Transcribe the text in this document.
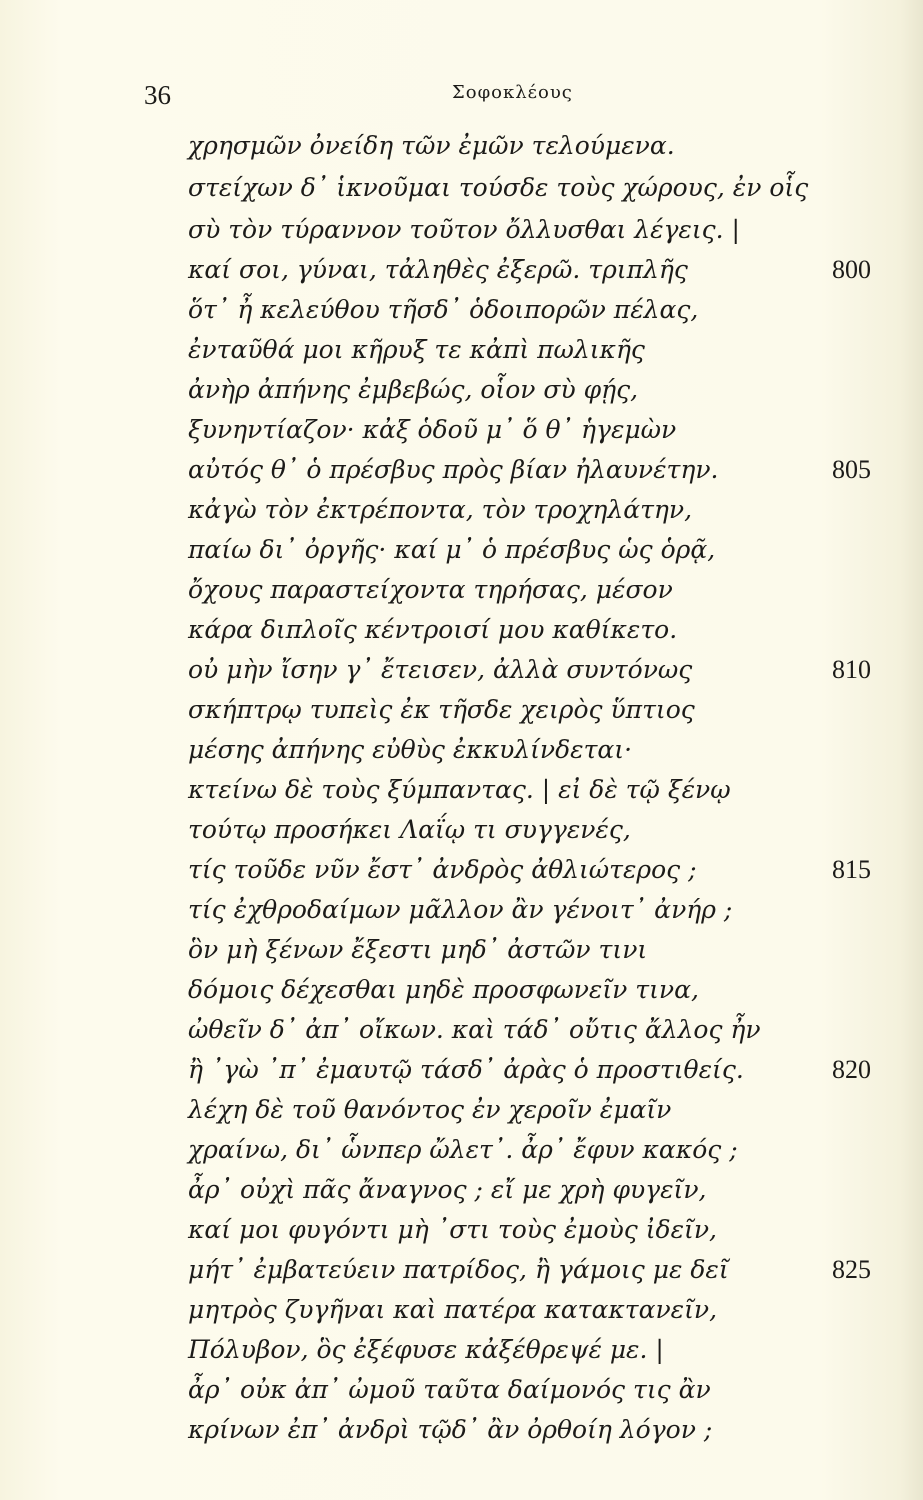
36	Σοφοκλέους
χρησμῶν ὀνείδη τῶν ἐμῶν τελούμενα.
στείχων δ᾽ ἱκνοῦμαι τούσδε τοὺς χώρους, ἐν οἷς
σὺ τὸν τύραννον τοῦτον ὄλλυσθαι λέγεις. |
καί σοι, γύναι, τἀληθὲς ἐξερῶ. τριπλῆς
ὅτ᾽ ἦ κελεύθου τῆσδ᾽ ὁδοιπορῶν πέλας,
ἐνταῦθά μοι κῆρυξ τε κἀπὶ πωλικῆς
ἀνὴρ ἀπήνης ἐμβεβώς, οἷον σὺ φῄς,
ξυνηντίαζον· κἀξ ὁδοῦ μ᾽ ὅ θ᾽ ἡγεμὼν
αὐτός θ᾽ ὁ πρέσβυς πρὸς βίαν ἠλαυνέτην.
κἀγὼ τὸν ἐκτρέποντα, τὸν τροχηλάτην,
παίω δι᾽ ὀργῆς· καί μ᾽ ὁ πρέσβυς ὡς ὁρᾷ,
ὄχους παραστείχοντα τηρήσας, μέσον
κάρα διπλοῖς κέντροισί μου καθίκετο.
οὐ μὴν ἴσην γ᾽ ἔτεισεν, ἀλλὰ συντόνως
σκήπτρῳ τυπεὶς ἐκ τῆσδε χειρὸς ὕπτιος
μέσης ἀπήνης εὐθὺς ἐκκυλίνδεται·
κτείνω δὲ τοὺς ξύμπαντας. | εἰ δὲ τῷ ξένῳ
τούτῳ προσήκει Λαΐῳ τι συγγενές,
τίς τοῦδε νῦν ἔστ᾽ ἀνδρὸς ἀθλιώτερος ;
τίς ἐχθροδαίμων μᾶλλον ἂν γένοιτ᾽ ἀνήρ ;
ὃν μὴ ξένων ἔξεστι μηδ᾽ ἀστῶν τινι
δόμοις δέχεσθαι μηδὲ προσφωνεῖν τινα,
ὠθεῖν δ᾽ ἀπ᾽ οἴκων. καὶ τάδ᾽ οὔτις ἄλλος ἦν
ἢ ᾽γὼ ᾽π᾽ ἐμαυτῷ τάσδ᾽ ἀρὰς ὁ προστιθείς.
λέχη δὲ τοῦ θανόντος ἐν χεροῖν ἐμαῖν
χραίνω, δι᾽ ὧνπερ ὤλετ᾽. ἆρ᾽ ἔφυν κακός ;
ἆρ᾽ οὐχὶ πᾶς ἄναγνος ; εἴ με χρὴ φυγεῖν,
καί μοι φυγόντι μὴ ᾽στι τοὺς ἐμοὺς ἰδεῖν,
μήτ᾽ ἐμβατεύειν πατρίδος, ἢ γάμοις με δεῖ
μητρὸς ζυγῆναι καὶ πατέρα κατακτανεῖν,
Πόλυβον, ὃς ἐξέφυσε κἀξέθρεψέ με. |
ἆρ᾽ οὐκ ἀπ᾽ ὠμοῦ ταῦτα δαίμονός τις ἂν
κρίνων ἐπ᾽ ἀνδρὶ τῷδ᾽ ἂν ὀρθοίη λόγον ;
800
805
810
815
820
825
